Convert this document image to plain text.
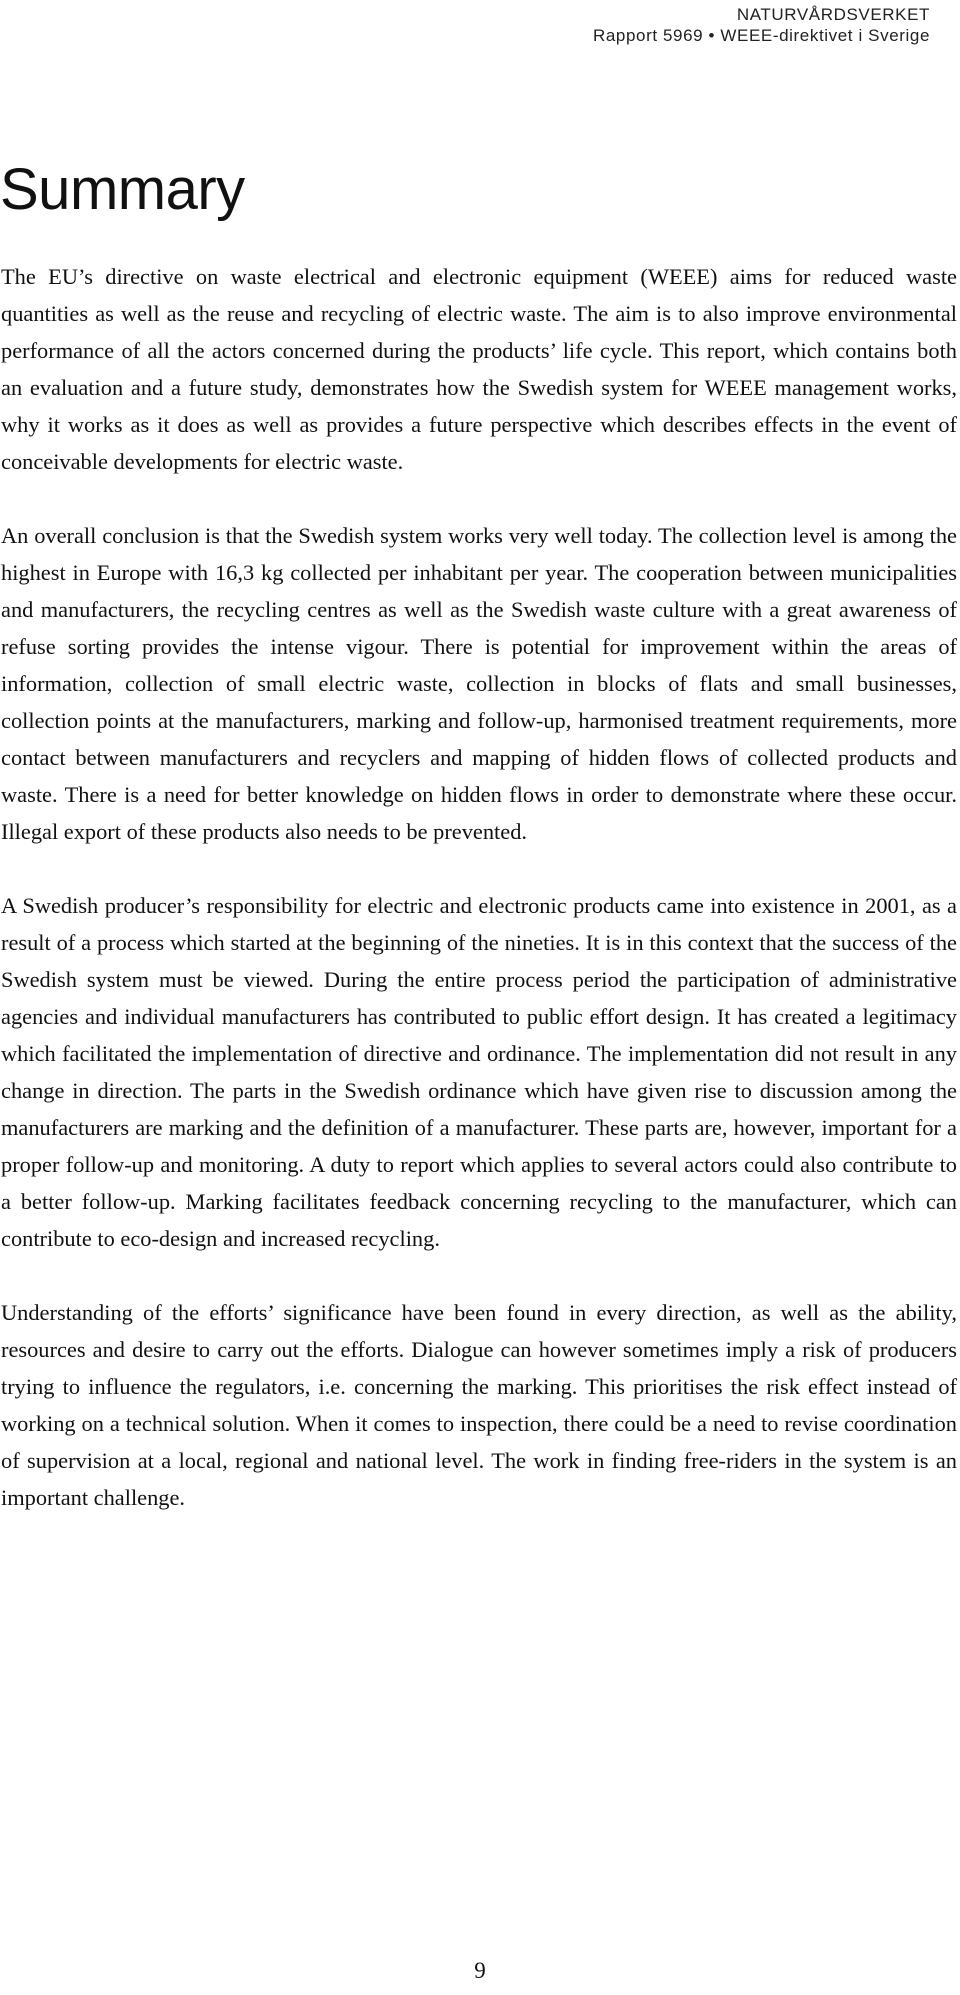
NATURVÅRDSVERKET
Rapport 5969 • WEEE-direktivet i Sverige
Summary

The EU’s directive on waste electrical and electronic equipment (WEEE) aims for reduced waste quantities as well as the reuse and recycling of electric waste. The aim is to also improve environmental performance of all the actors concerned during the products’ life cycle. This report, which contains both an evaluation and a future study, demonstrates how the Swedish system for WEEE management works, why it works as it does as well as provides a future perspective which describes effects in the event of conceivable developments for electric waste.

An overall conclusion is that the Swedish system works very well today. The collection level is among the highest in Europe with 16,3 kg collected per inhabitant per year. The cooperation between municipalities and manufacturers, the recycling centres as well as the Swedish waste culture with a great awareness of refuse sorting provides the intense vigour. There is potential for improvement within the areas of information, collection of small electric waste, collection in blocks of flats and small businesses, collection points at the manufacturers, marking and follow-up, harmonised treatment requirements, more contact between manufacturers and recyclers and mapping of hidden flows of collected products and waste. There is a need for better knowledge on hidden flows in order to demonstrate where these occur. Illegal export of these products also needs to be prevented.

A Swedish producer’s responsibility for electric and electronic products came into existence in 2001, as a result of a process which started at the beginning of the nineties. It is in this context that the success of the Swedish system must be viewed. During the entire process period the participation of administrative agencies and individual manufacturers has contributed to public effort design. It has created a legitimacy which facilitated the implementation of directive and ordinance. The implementation did not result in any change in direction. The parts in the Swedish ordinance which have given rise to discussion among the manufacturers are marking and the definition of a manufacturer. These parts are, however, important for a proper follow-up and monitoring. A duty to report which applies to several actors could also contribute to a better follow-up. Marking facilitates feedback concerning recycling to the manufacturer, which can contribute to eco-design and increased recycling.

Understanding of the efforts’ significance have been found in every direction, as well as the ability, resources and desire to carry out the efforts. Dialogue can however sometimes imply a risk of producers trying to influence the regulators, i.e. concerning the marking. This prioritises the risk effect instead of working on a technical solution. When it comes to inspection, there could be a need to revise coordination of supervision at a local, regional and national level. The work in finding free-riders in the system is an important challenge.

9
